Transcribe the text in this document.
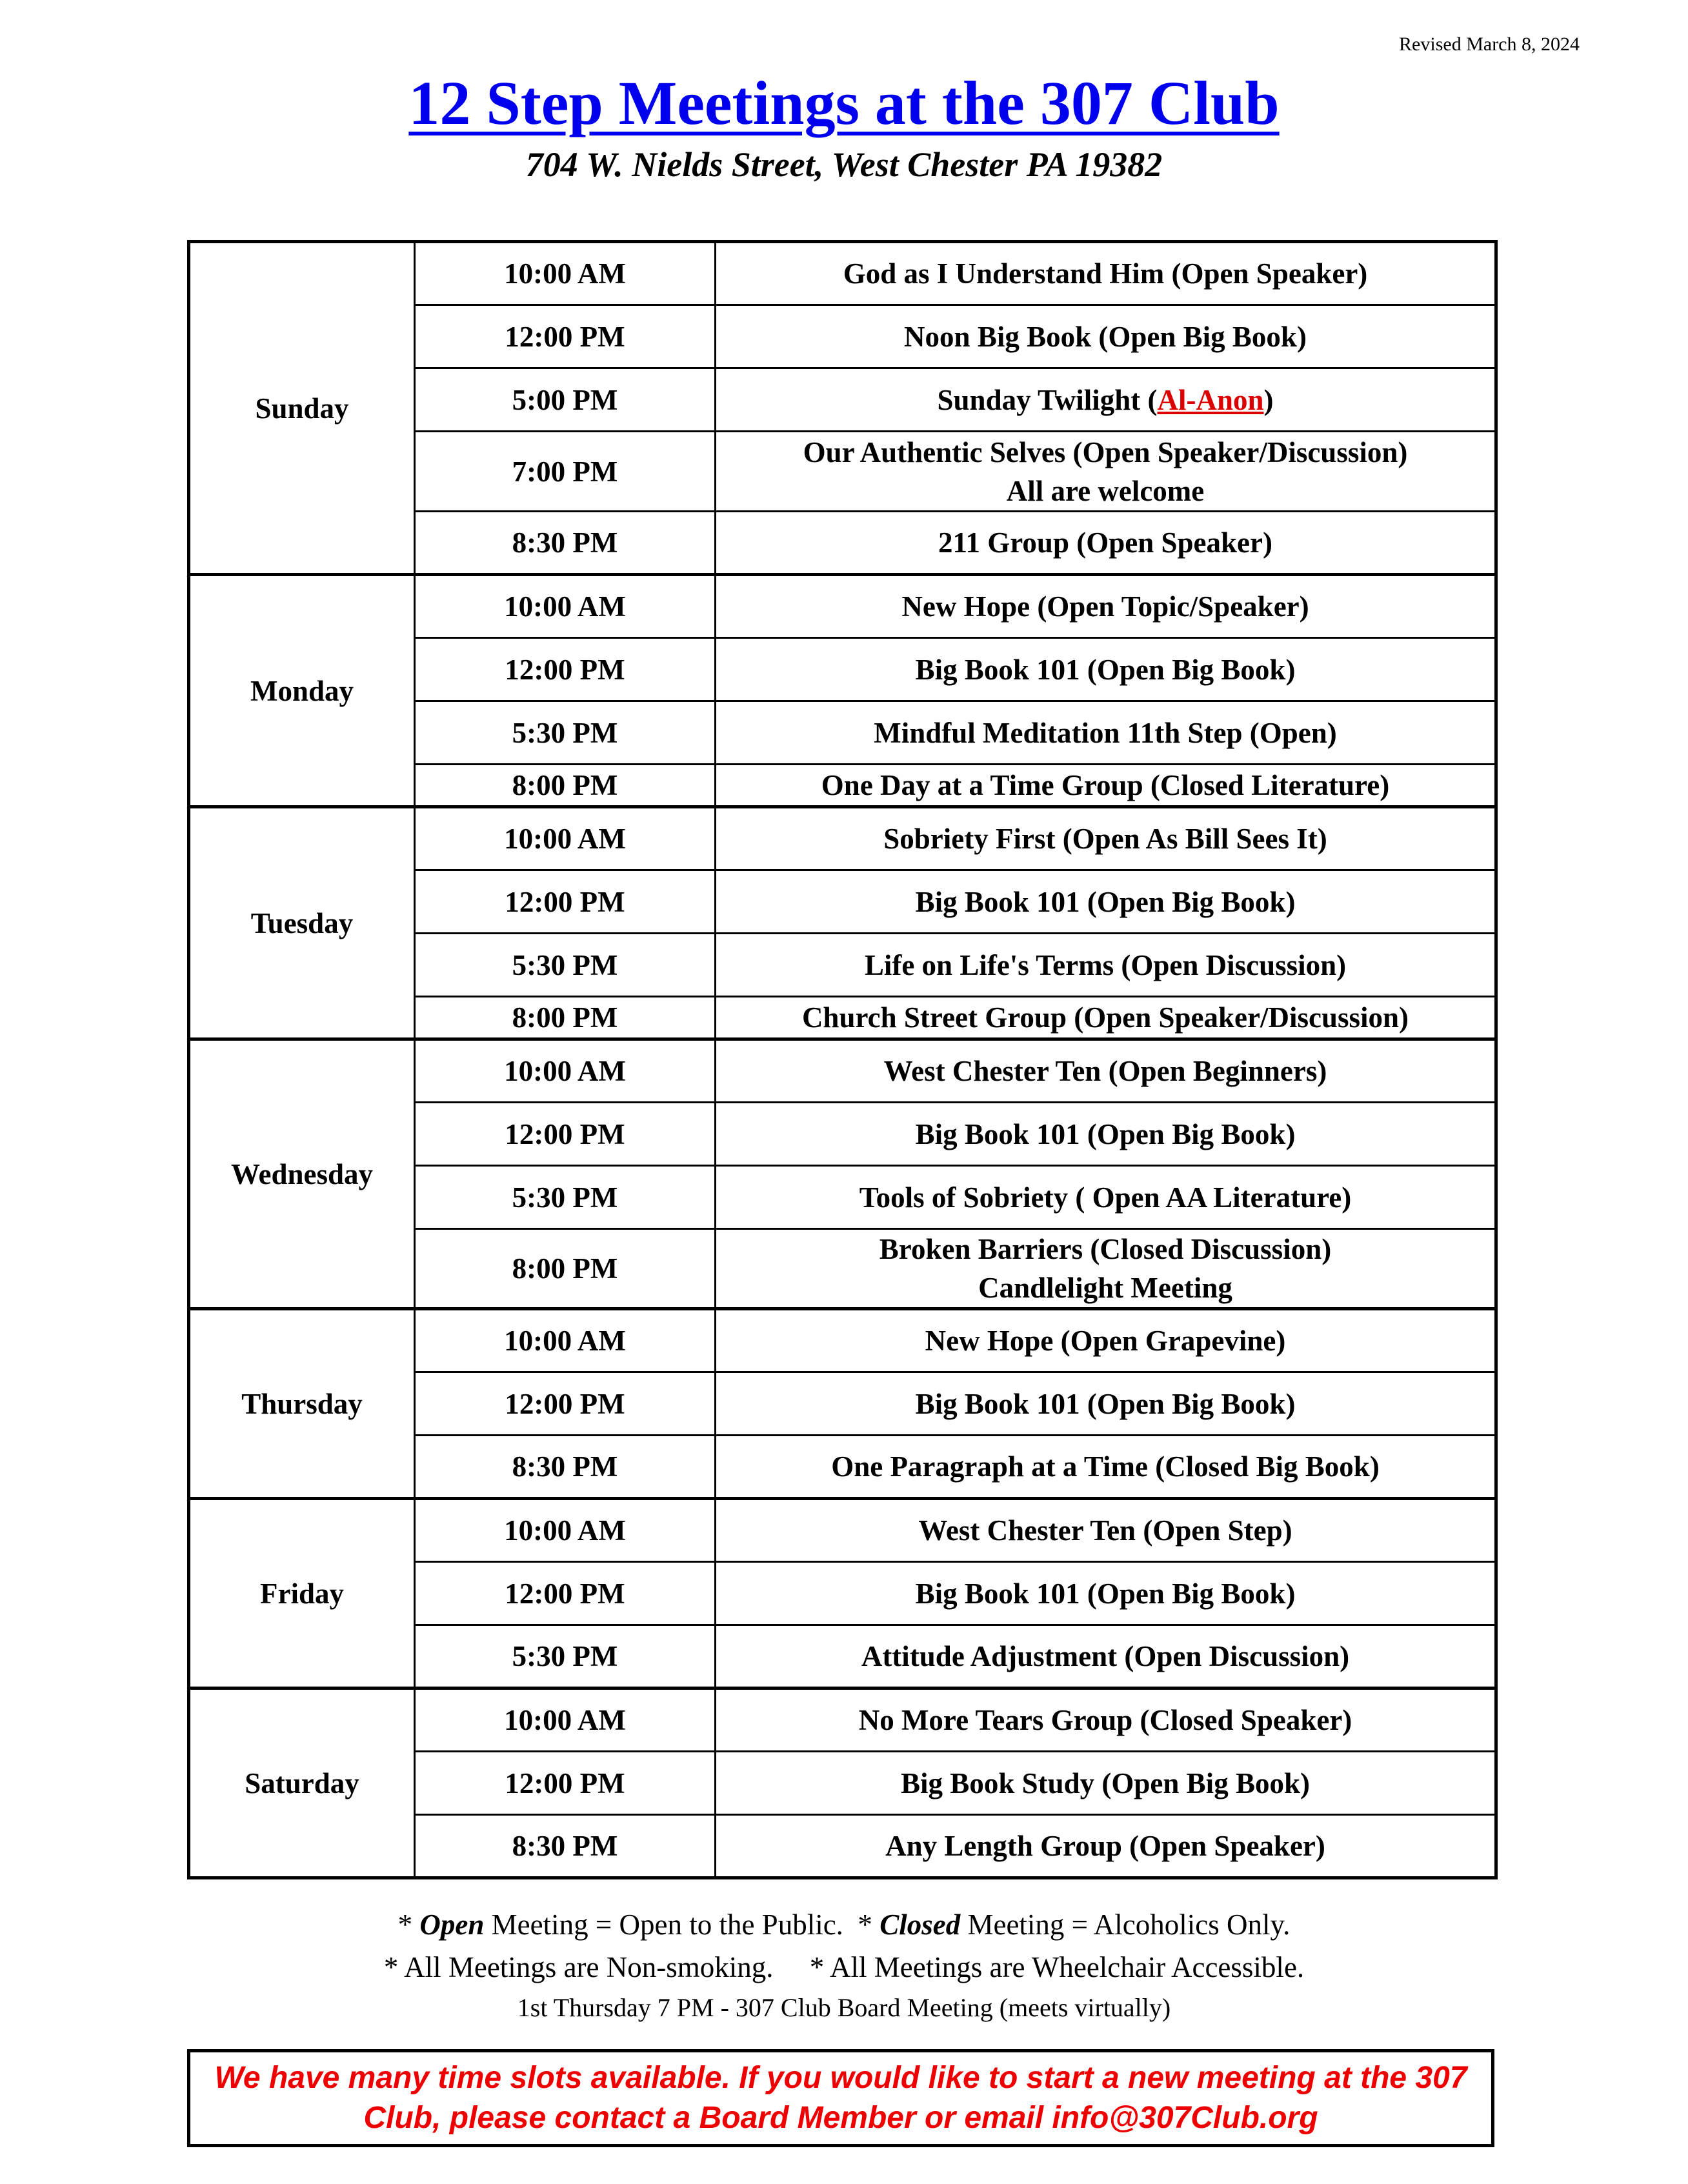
Revised March 8, 2024
12 Step Meetings at the 307 Club
704 W. Nields Street, West Chester PA 19382
Sunday	10:00 AM	God as I Understand Him (Open Speaker)
	12:00 PM	Noon Big Book (Open Big Book)
	5:00 PM	Sunday Twilight (Al-Anon)
	7:00 PM	Our Authentic Selves (Open Speaker/Discussion)
All are welcome

	8:30 PM	211 Group (Open Speaker)
Monday	10:00 AM	New Hope (Open Topic/Speaker)
	12:00 PM	Big Book 101 (Open Big Book)
	5:30 PM	Mindful Meditation 11th Step (Open)
	8:00 PM	One Day at a Time Group (Closed Literature)
Tuesday	10:00 AM	Sobriety First (Open As Bill Sees It)
	12:00 PM	Big Book 101 (Open Big Book)
	5:30 PM	Life on Life's Terms (Open Discussion)
	8:00 PM	Church Street Group (Open Speaker/Discussion)
Wednesday	10:00 AM	West Chester Ten (Open Beginners)
	12:00 PM	Big Book 101 (Open Big Book)
	5:30 PM	Tools of Sobriety ( Open AA Literature)
	8:00 PM	Broken Barriers (Closed Discussion)
Candlelight Meeting

Thursday	10:00 AM	New Hope (Open Grapevine)
	12:00 PM	Big Book 101 (Open Big Book)
	8:30 PM	One Paragraph at a Time (Closed Big Book)
Friday	10:00 AM	West Chester Ten (Open Step)
	12:00 PM	Big Book 101 (Open Big Book)
	5:30 PM	Attitude Adjustment (Open Discussion)
Saturday	10:00 AM	No More Tears Group (Closed Speaker)
	12:00 PM	Big Book Study (Open Big Book)
	8:30 PM	Any Length Group (Open Speaker)
* Open Meeting = Open to the Public.  * Closed Meeting = Alcoholics Only.
* All Meetings are Non-smoking.     * All Meetings are Wheelchair Accessible.
1st Thursday 7 PM - 307 Club Board Meeting (meets virtually)
We have many time slots available. If you would like to start a new meeting at the 307 Club, please contact a Board Member or email info@307Club.org
